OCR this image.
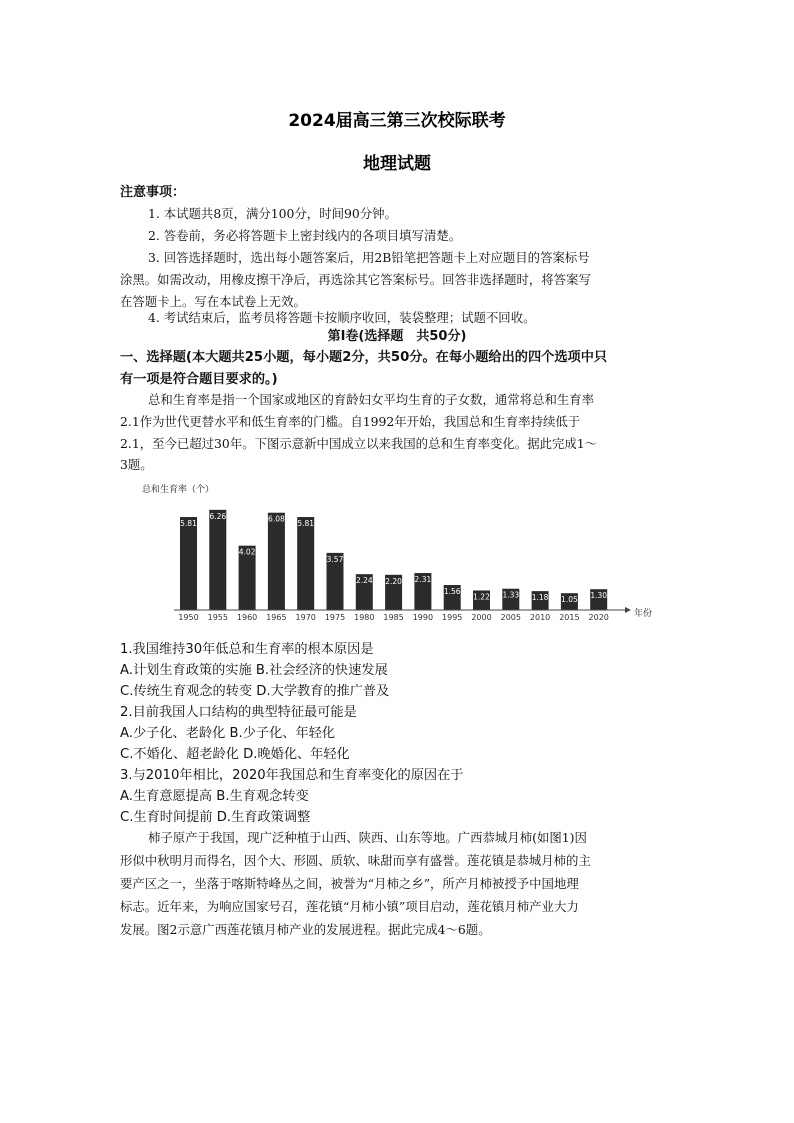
2024届高三第三次校际联考
地理试题
注意事项：
1. 本试题共8页，满分100分，时间90分钟。
2. 答卷前，务必将答题卡上密封线内的各项目填写清楚。
3. 回答选择题时，选出每小题答案后，用2B铅笔把答题卡上对应题目的答案标号
涂黑。如需改动，用橡皮擦干净后，再选涂其它答案标号。回答非选择题时，将答案写
在答题卡上。写在本试卷上无效。
4. 考试结束后，监考员将答题卡按顺序收回，装袋整理；试题不回收。
第Ⅰ卷(选择题　共50分)
一、选择题(本大题共25小题，每小题2分，共50分。在每小题给出的四个选项中只
有一项是符合题目要求的。)
总和生育率是指一个国家或地区的育龄妇女平均生育的子女数，通常将总和生育率
2.1作为世代更替水平和低生育率的门槛。自1992年开始，我国总和生育率持续低于
2.1，至今已超过30年。下图示意新中国成立以来我国的总和生育率变化。据此完成1～
3题。
总和生育率（个）
5.81
1950
6.26
1955
4.02
1960
6.08
1965
5.81
1970
3.57
1975
2.24
1980
2.20
1985
2.31
1990
1.56
1995
1.22
2000
1.33
2005
1.18
2010
1.05
2015
1.30
2020	年份
1.我国维持30年低总和生育率的根本原因是
A.计划生育政策的实施 B.社会经济的快速发展
C.传统生育观念的转变 D.大学教育的推广普及
2.目前我国人口结构的典型特征最可能是
A.少子化、老龄化 B.少子化、年轻化
C.不婚化、超老龄化 D.晚婚化、年轻化
3.与2010年相比，2020年我国总和生育率变化的原因在于
A.生育意愿提高 B.生育观念转变
C.生育时间提前 D.生育政策调整
柿子原产于我国，现广泛种植于山西、陕西、山东等地。广西恭城月柿(如图1)因
形似中秋明月而得名，因个大、形圆、质软、味甜而享有盛誉。莲花镇是恭城月柿的主
要产区之一，坐落于喀斯特峰丛之间，被誉为“月柿之乡”，所产月柿被授予中国地理
标志。近年来，为响应国家号召，莲花镇“月柿小镇”项目启动，莲花镇月柿产业大力
发展。图2示意广西莲花镇月柿产业的发展进程。据此完成4～6题。
